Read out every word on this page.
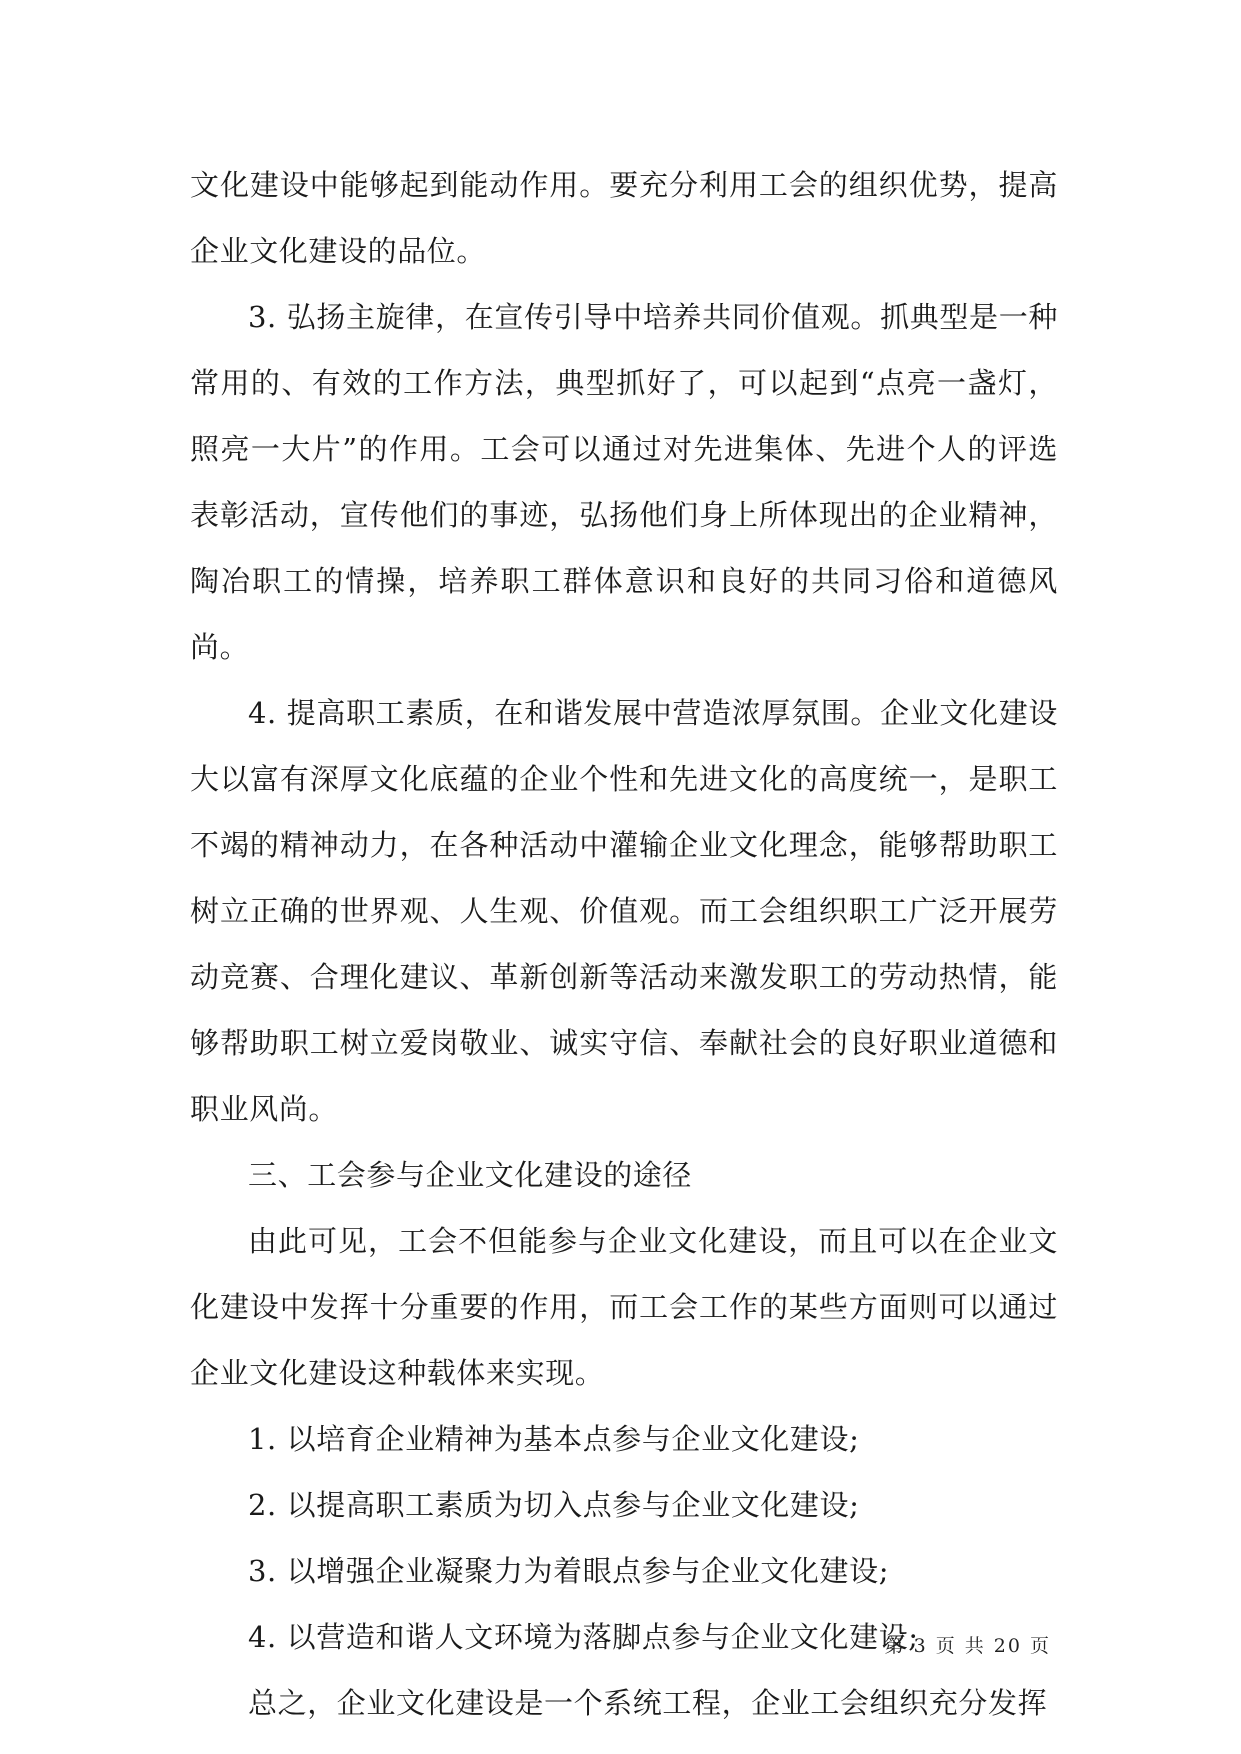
文化建设中能够起到能动作用。要充分利用工会的组织优势，提高企业文化建设的品位。

3. 弘扬主旋律，在宣传引导中培养共同价值观。抓典型是一种常用的、有效的工作方法，典型抓好了，可以起到“点亮一盏灯，照亮一大片”的作用。工会可以通过对先进集体、先进个人的评选表彰活动，宣传他们的事迹，弘扬他们身上所体现出的企业精神，陶冶职工的情操，培养职工群体意识和良好的共同习俗和道德风尚。

4. 提高职工素质，在和谐发展中营造浓厚氛围。企业文化建设大以富有深厚文化底蕴的企业个性和先进文化的高度统一，是职工不竭的精神动力，在各种活动中灌输企业文化理念，能够帮助职工树立正确的世界观、人生观、价值观。而工会组织职工广泛开展劳动竞赛、合理化建议、革新创新等活动来激发职工的劳动热情，能够帮助职工树立爱岗敬业、诚实守信、奉献社会的良好职业道德和职业风尚。

三、工会参与企业文化建设的途径

由此可见，工会不但能参与企业文化建设，而且可以在企业文化建设中发挥十分重要的作用，而工会工作的某些方面则可以通过企业文化建设这种载体来实现。

1. 以培育企业精神为基本点参与企业文化建设;

2. 以提高职工素质为切入点参与企业文化建设;

3. 以增强企业凝聚力为着眼点参与企业文化建设;

4. 以营造和谐人文环境为落脚点参与企业文化建设;

总之，企业文化建设是一个系统工程，企业工会组织充分发挥

第 3 页 共 20 页
